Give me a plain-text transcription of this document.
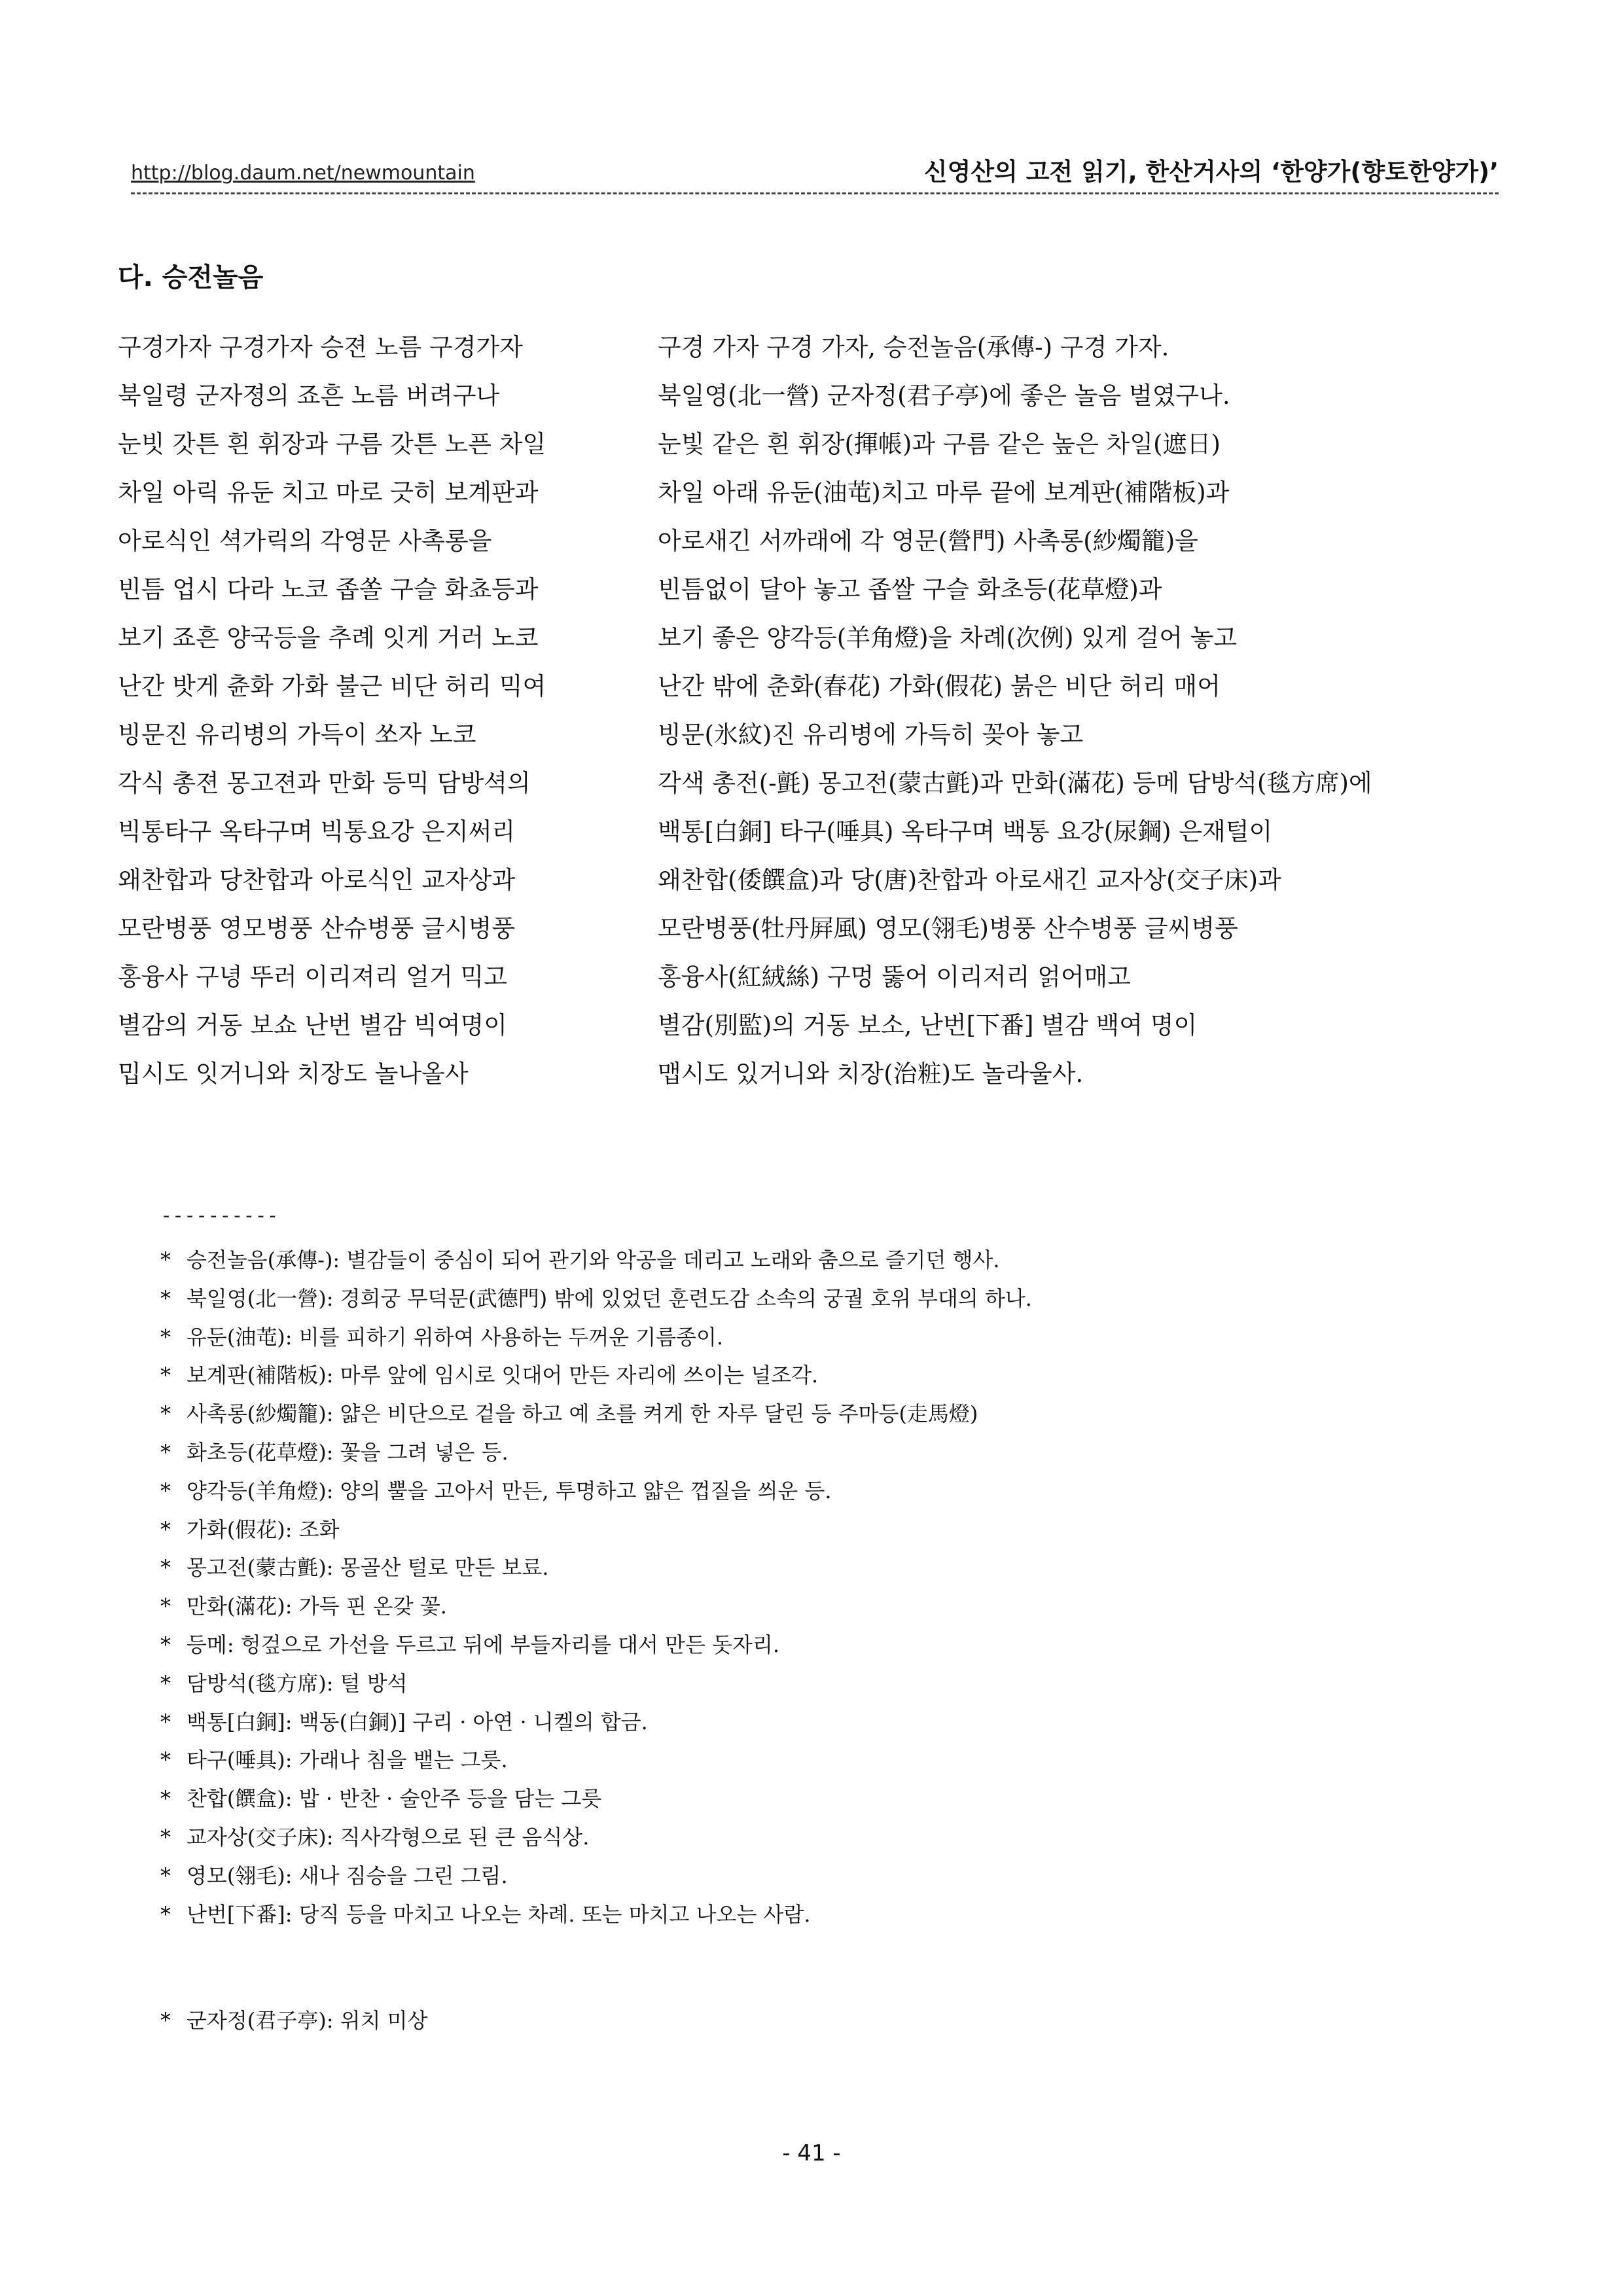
http://blog.daum.net/newmountain	신영산의 고전 읽기, 한산거사의 ‘한양가(향토한양가)’
다. 승전놀음
구경가자 구경가자 승젼 노름 구경가자	구경 가자 구경 가자, 승전놀음(承傳-) 구경 가자.
북일령 군자졍의 죠흔 노름 버려구나	북일영(北一營) 군자정(君子亭)에 좋은 놀음 벌였구나.
눈빗 갓튼 흰 휘장과 구름 갓튼 노픈 차일	눈빛 같은 흰 휘장(揮帳)과 구름 같은 높은 차일(遮日)
차일 아릭 유둔 치고 마로 긋히 보계판과	차일 아래 유둔(油芚)치고 마루 끝에 보계판(補階板)과
아로식인 셕가릭의 각영문 사촉롱을	아로새긴 서까래에 각 영문(營門) 사촉롱(紗燭籠)을
빈틈 업시 다라 노코 좁쏠 구슬 화쵸등과	빈틈없이 달아 놓고 좁쌀 구슬 화초등(花草燈)과
보기 죠흔 양국등을 추례 잇게 거러 노코	보기 좋은 양각등(羊角燈)을 차례(次例) 있게 걸어 놓고
난간 밧게 츈화 가화 불근 비단 허리 믹여	난간 밖에 춘화(春花) 가화(假花) 붉은 비단 허리 매어
빙문진 유리병의 가득이 쏘자 노코	빙문(氷紋)진 유리병에 가득히 꽂아 놓고
각식 총젼 몽고젼과 만화 등믹 담방셕의	각색 총전(-氈) 몽고전(蒙古氈)과 만화(滿花) 등메 담방석(毯方席)에
빅통타구 옥타구며 빅통요강 은지써리	백통[白銅] 타구(唾具) 옥타구며 백통 요강(尿鋼) 은재털이
왜찬합과 당찬합과 아로식인 교자상과	왜찬합(倭饌盒)과 당(唐)찬합과 아로새긴 교자상(交子床)과
모란병풍 영모병풍 산슈병풍 글시병풍	모란병풍(牡丹屛風) 영모(翎毛)병풍 산수병풍 글씨병풍
홍융사 구녕 뚜러 이리져리 얼거 믹고	홍융사(紅絨絲) 구멍 뚫어 이리저리 얽어매고
별감의 거동 보쇼 난번 별감 빅여명이	별감(別監)의 거동 보소, 난번[下番] 별감 백여 명이
밉시도 잇거니와 치장도 놀나올사	맵시도 있거니와 치장(治粧)도 놀라울사.
----------
* 승전놀음(承傳-): 별감들이 중심이 되어 관기와 악공을 데리고 노래와 춤으로 즐기던 행사.
* 북일영(北一營): 경희궁 무덕문(武德門) 밖에 있었던 훈련도감 소속의 궁궐 호위 부대의 하나.
* 유둔(油芚): 비를 피하기 위하여 사용하는 두꺼운 기름종이.
* 보계판(補階板): 마루 앞에 임시로 잇대어 만든 자리에 쓰이는 널조각.
* 사촉롱(紗燭籠): 얇은 비단으로 겉을 하고 예 초를 켜게 한 자루 달린 등 주마등(走馬燈)
* 화초등(花草燈): 꽃을 그려 넣은 등.
* 양각등(羊角燈): 양의 뿔을 고아서 만든, 투명하고 얇은 껍질을 씌운 등.
* 가화(假花): 조화
* 몽고전(蒙古氈): 몽골산 털로 만든 보료.
* 만화(滿花): 가득 핀 온갖 꽃.
* 등메: 헝겊으로 가선을 두르고 뒤에 부들자리를 대서 만든 돗자리.
* 담방석(毯方席): 털 방석
* 백통[白銅]: 백동(白銅)] 구리 · 아연 · 니켈의 합금.
* 타구(唾具): 가래나 침을 뱉는 그릇.
* 찬합(饌盒): 밥 · 반찬 · 술안주 등을 담는 그릇
* 교자상(交子床): 직사각형으로 된 큰 음식상.
* 영모(翎毛): 새나 짐승을 그린 그림.
* 난번[下番]: 당직 등을 마치고 나오는 차례. 또는 마치고 나오는 사람.
* 군자정(君子亭): 위치 미상
- 41 -
